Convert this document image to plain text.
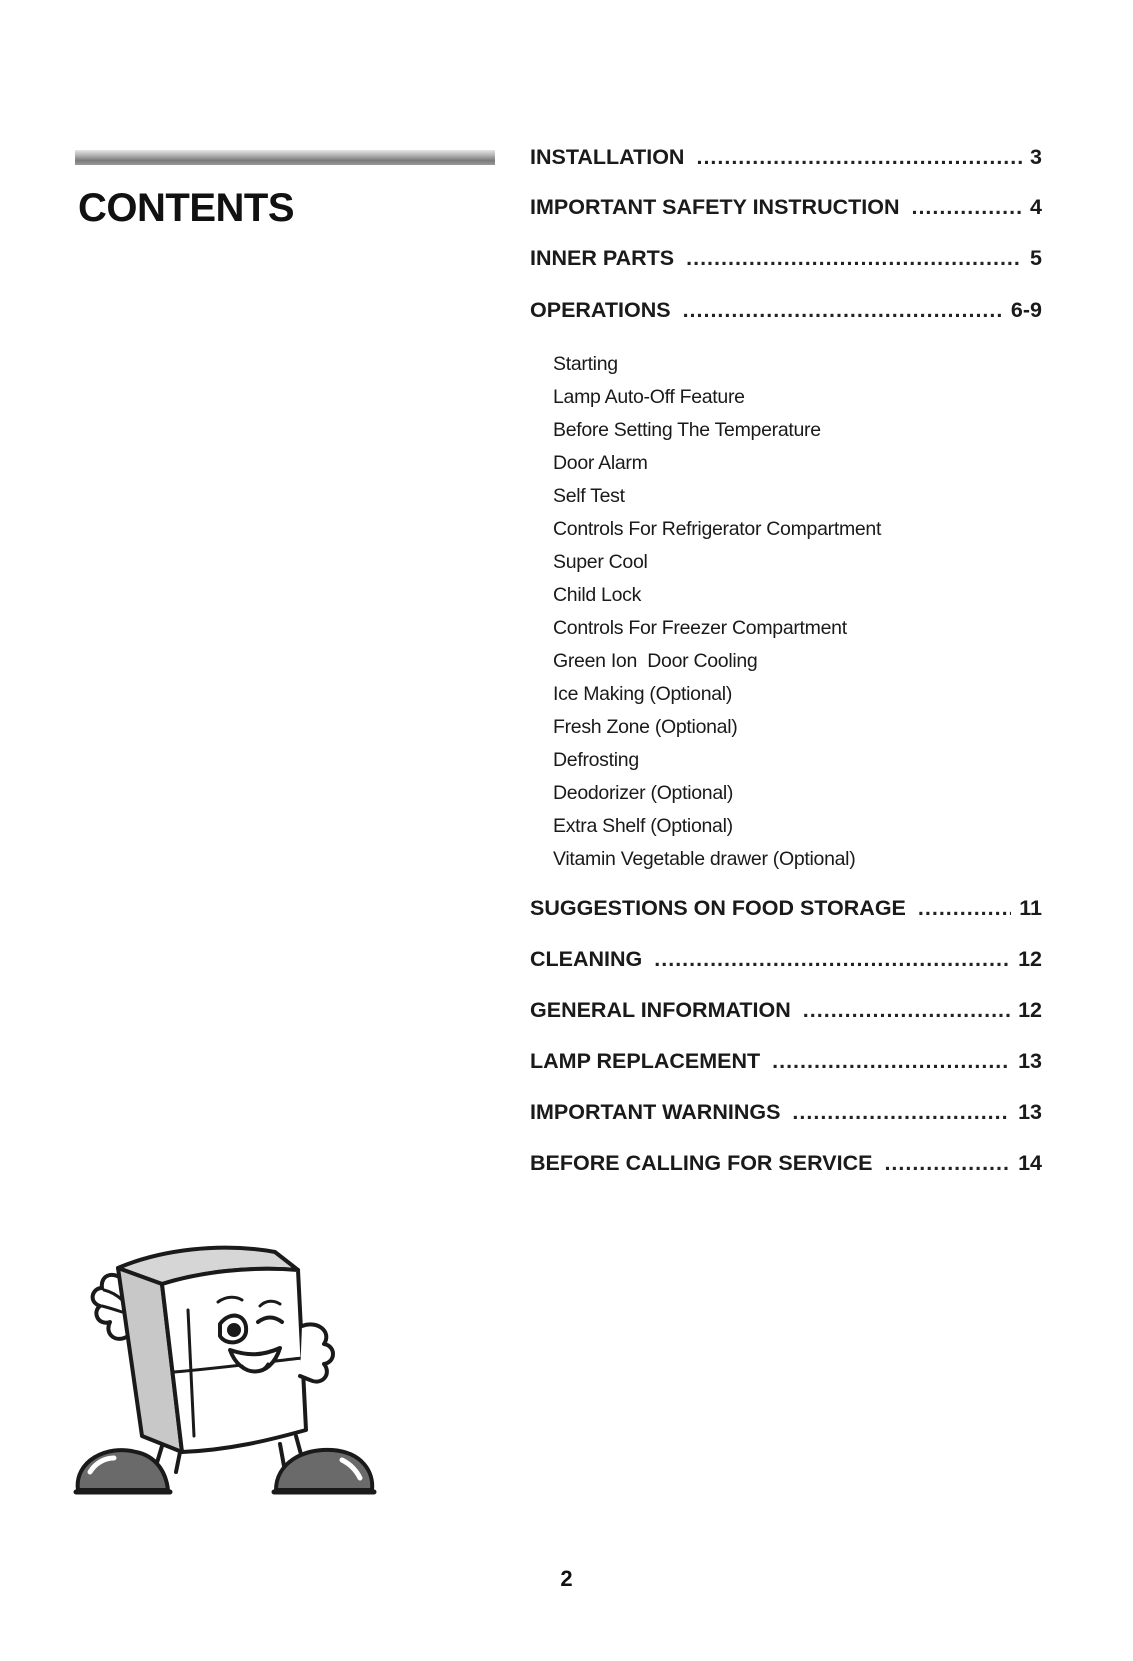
CONTENTS
INSTALLATION .....	3
IMPORTANT SAFETY INSTRUCTION .....	4
INNER PARTS .....	5
OPERATIONS .....	6-9
SUGGESTIONS ON FOOD STORAGE .....	11
CLEANING .....	12
GENERAL INFORMATION .....	12
LAMP REPLACEMENT .....	13
IMPORTANT WARNINGS .....	13
BEFORE CALLING FOR SERVICE .....	14
Starting
Lamp Auto-Off Feature
Before Setting The Temperature
Door Alarm
Self Test
Controls For Refrigerator Compartment
Super Cool
Child Lock
Controls For Freezer Compartment
Green Ion  Door Cooling
Ice Making (Optional)
Fresh Zone (Optional)
Defrosting
Deodorizer (Optional)
Extra Shelf (Optional)
Vitamin Vegetable drawer (Optional)
2
